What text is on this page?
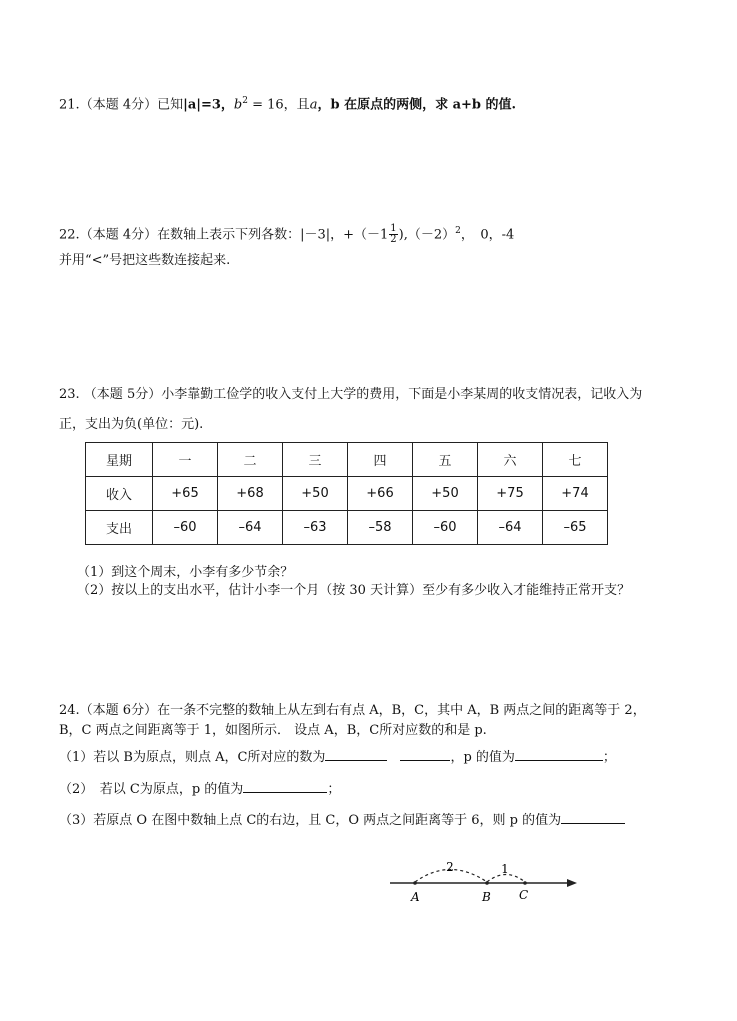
21.（本题 4分）已知|a|=3，$b^2 = 16$，且a，b 在原点的两侧，求 a+b 的值.
22.（本题 4分）在数轴上表示下列各数：|－3|，$+(-1 \frac{1}{2} ),(-2)^2$，　0，-4
并用“<”号把这些数连接起来.
23. （本题 5分）小李靠勤工俭学的收入支付上大学的费用，下面是小李某周的收支情况表，记收入为
正，支出为负(单位：元).
星期	一	二	三	四	五	六	七
收入	+65	+68	+50	+66	+50	+75	+74
支出	–60	–64	–63	–58	–60	–64	–65
（1）到这个周末，小李有多少节余？
（2）按以上的支出水平，估计小李一个月（按 30 天计算）至少有多少收入才能维持正常开支？
24.（本题 6分）在一条不完整的数轴上从左到右有点 A，B，C，其中 A，B 两点之间的距离等于 2，
B，C 两点之间距离等于 1，如图所示． 设点 A，B，C所对应数的和是 p.
（1）若以 B为原点，则点 A，C所对应的数为　	，p 的值为	；
（2）　若以 C为原点，p 的值为	；
（3）若原点 O 在图中数轴上点 C的右边，且 C，O 两点之间距离等于 6，则 p 的值为
2	1
A	B C
